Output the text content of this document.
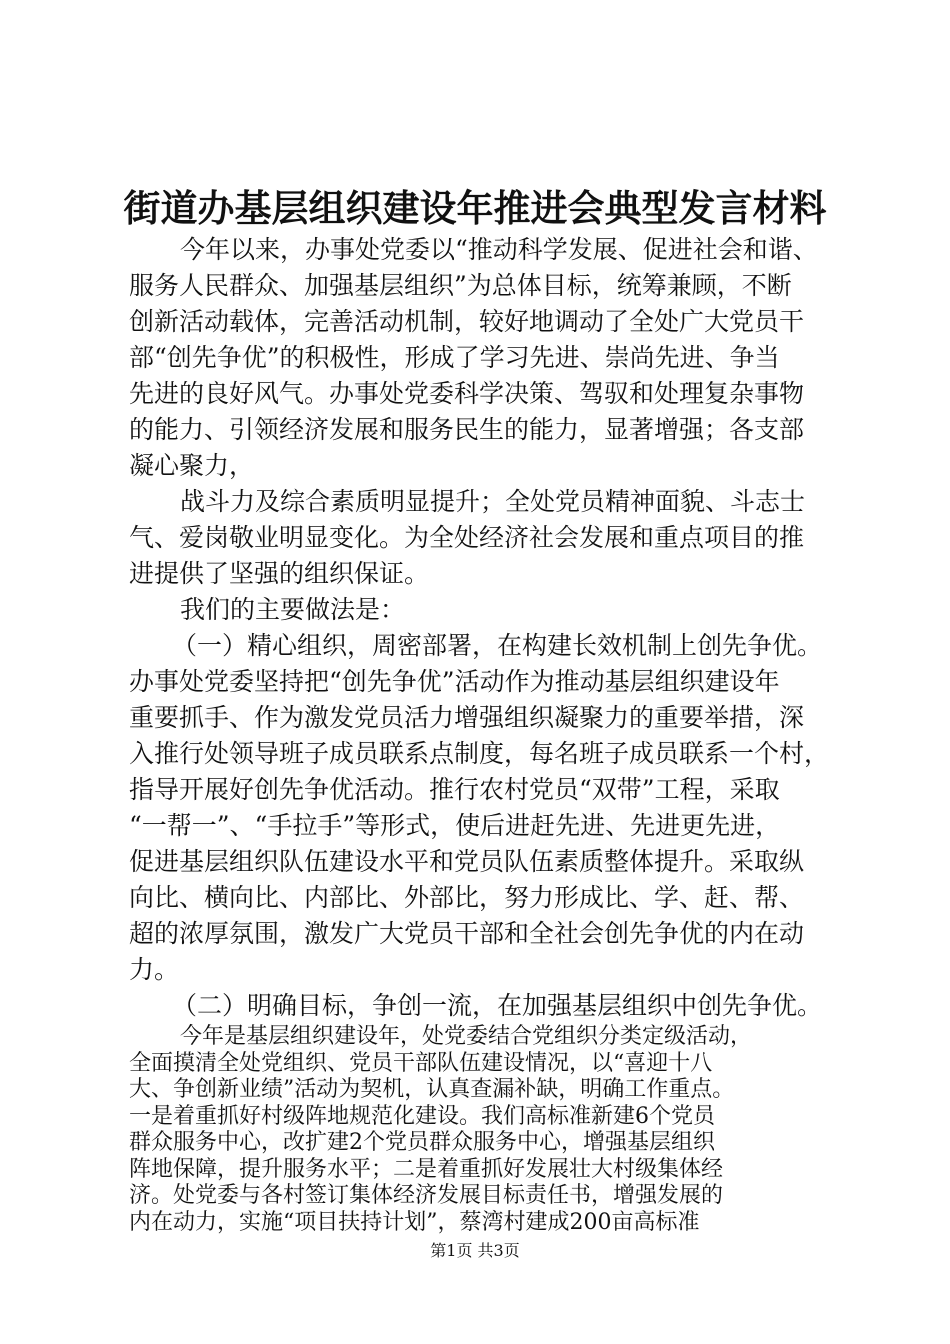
街道办基层组织建设年推进会典型发言材料

今年以来，办事处党委以“推动科学发展、促进社会和谐、

服务人民群众、加强基层组织”为总体目标，统筹兼顾，不断

创新活动载体，完善活动机制，较好地调动了全处广大党员干

部“创先争优”的积极性，形成了学习先进、崇尚先进、争当

先进的良好风气。办事处党委科学决策、驾驭和处理复杂事物

的能力、引领经济发展和服务民生的能力，显著增强；各支部

凝心聚力，

战斗力及综合素质明显提升；全处党员精神面貌、斗志士

气、爱岗敬业明显变化。为全处经济社会发展和重点项目的推

进提供了坚强的组织保证。

我们的主要做法是：

（一）精心组织，周密部署，在构建长效机制上创先争优。

办事处党委坚持把“创先争优”活动作为推动基层组织建设年

重要抓手、作为激发党员活力增强组织凝聚力的重要举措，深

入推行处领导班子成员联系点制度，每名班子成员联系一个村，

指导开展好创先争优活动。推行农村党员“双带”工程，采取

“一帮一”、“手拉手”等形式，使后进赶先进、先进更先进，

促进基层组织队伍建设水平和党员队伍素质整体提升。采取纵

向比、横向比、内部比、外部比，努力形成比、学、赶、帮、

超的浓厚氛围，激发广大党员干部和全社会创先争优的内在动

力。

（二）明确目标，争创一流，在加强基层组织中创先争优。

第1页 共3页

今年是基层组织建设年，处党委结合党组织分类定级活动，

全面摸清全处党组织、党员干部队伍建设情况，以“喜迎十八

大、争创新业绩”活动为契机，认真查漏补缺，明确工作重点。

一是着重抓好村级阵地规范化建设。我们高标准新建6个党员

群众服务中心，改扩建2个党员群众服务中心，增强基层组织

阵地保障，提升服务水平；二是着重抓好发展壮大村级集体经

济。处党委与各村签订集体经济发展目标责任书，增强发展的

内在动力，实施“项目扶持计划”，蔡湾村建成200亩高标准
